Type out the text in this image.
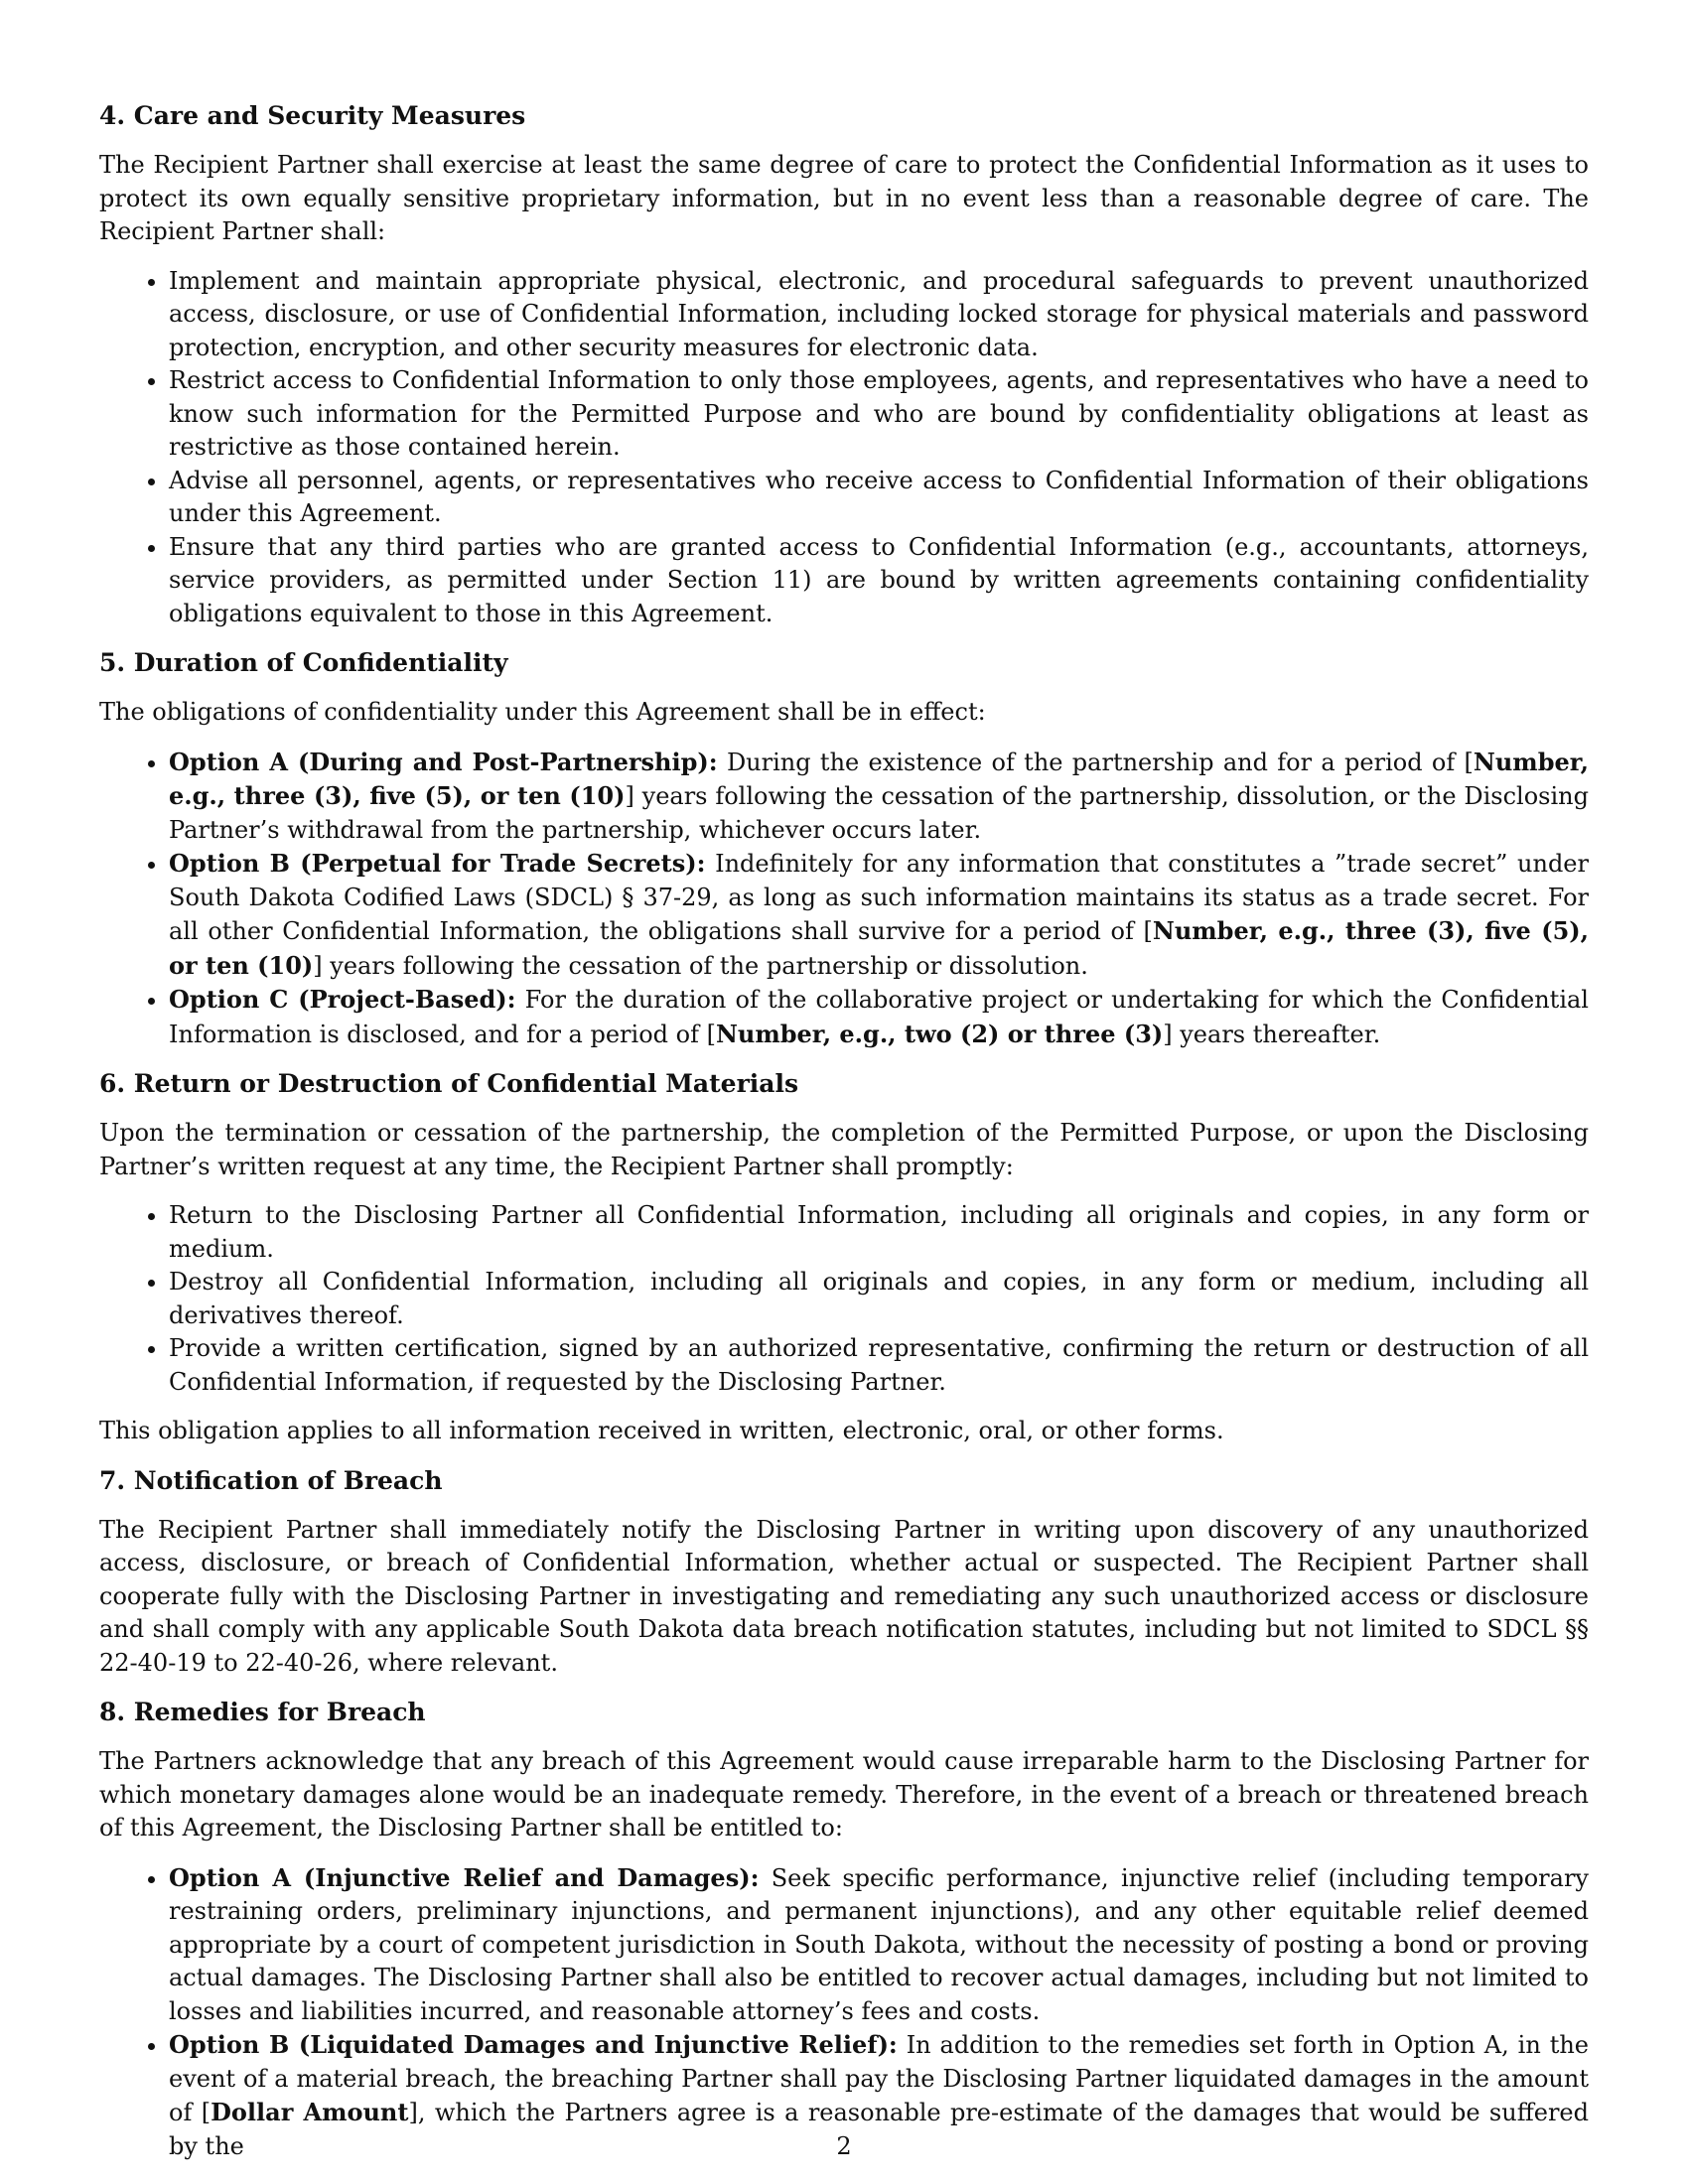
4. Care and Security Measures

The Recipient Partner shall exercise at least the same degree of care to protect the Confidential Information as it uses to protect its own equally sensitive proprietary information, but in no event less than a reasonable degree of care. The Recipient Partner shall:

• Implement and maintain appropriate physical, electronic, and procedural safeguards to prevent unauthorized access, disclosure, or use of Confidential Information, including locked storage for physical materials and password protection, encryption, and other security measures for electronic data.
• Restrict access to Confidential Information to only those employees, agents, and representatives who have a need to know such information for the Permitted Purpose and who are bound by confidentiality obligations at least as restrictive as those contained herein.
• Advise all personnel, agents, or representatives who receive access to Confidential Information of their obligations under this Agreement.
• Ensure that any third parties who are granted access to Confidential Information (e.g., accountants, attorneys, service providers, as permitted under Section 11) are bound by written agreements containing confidentiality obligations equivalent to those in this Agreement.
5. Duration of Confidentiality

The obligations of confidentiality under this Agreement shall be in effect:

• Option A (During and Post-Partnership): During the existence of the partnership and for a period of [Number, e.g., three (3), five (5), or ten (10)] years following the cessation of the partnership, dissolution, or the Disclosing Partner’s withdrawal from the partnership, whichever occurs later.
• Option B (Perpetual for Trade Secrets): Indefinitely for any information that constitutes a ”trade secret” under South Dakota Codified Laws (SDCL) § 37-29, as long as such information maintains its status as a trade secret. For all other Confidential Information, the obligations shall survive for a period of [Number, e.g., three (3), five (5), or ten (10)] years following the cessation of the partnership or dissolution.
• Option C (Project-Based): For the duration of the collaborative project or undertaking for which the Confidential Information is disclosed, and for a period of [Number, e.g., two (2) or three (3)] years thereafter.
6. Return or Destruction of Confidential Materials

Upon the termination or cessation of the partnership, the completion of the Permitted Purpose, or upon the Disclosing Partner’s written request at any time, the Recipient Partner shall promptly:

• Return to the Disclosing Partner all Confidential Information, including all originals and copies, in any form or medium.
• Destroy all Confidential Information, including all originals and copies, in any form or medium, including all derivatives thereof.
• Provide a written certification, signed by an authorized representative, confirming the return or destruction of all Confidential Information, if requested by the Disclosing Partner.

This obligation applies to all information received in written, electronic, oral, or other forms.

7. Notification of Breach

The Recipient Partner shall immediately notify the Disclosing Partner in writing upon discovery of any unauthorized access, disclosure, or breach of Confidential Information, whether actual or suspected. The Recipient Partner shall cooperate fully with the Disclosing Partner in investigating and remediating any such unauthorized access or disclosure and shall comply with any applicable South Dakota data breach notification statutes, including but not limited to SDCL §§ 22-40-19 to 22-40-26, where relevant.

8. Remedies for Breach

The Partners acknowledge that any breach of this Agreement would cause irreparable harm to the Disclosing Partner for which monetary damages alone would be an inadequate remedy. Therefore, in the event of a breach or threatened breach of this Agreement, the Disclosing Partner shall be entitled to:

• Option A (Injunctive Relief and Damages): Seek specific performance, injunctive relief (including temporary restraining orders, preliminary injunctions, and permanent injunctions), and any other equitable relief deemed appropriate by a court of competent jurisdiction in South Dakota, without the necessity of posting a bond or proving actual damages. The Disclosing Partner shall also be entitled to recover actual damages, including but not limited to losses and liabilities incurred, and reasonable attorney’s fees and costs.
• Option B (Liquidated Damages and Injunctive Relief): In addition to the remedies set forth in Option A, in the event of a material breach, the breaching Partner shall pay the Disclosing Partner liquidated damages in the amount of [Dollar Amount], which the Partners agree is a reasonable pre-estimate of the damages that would be suffered by the	2
